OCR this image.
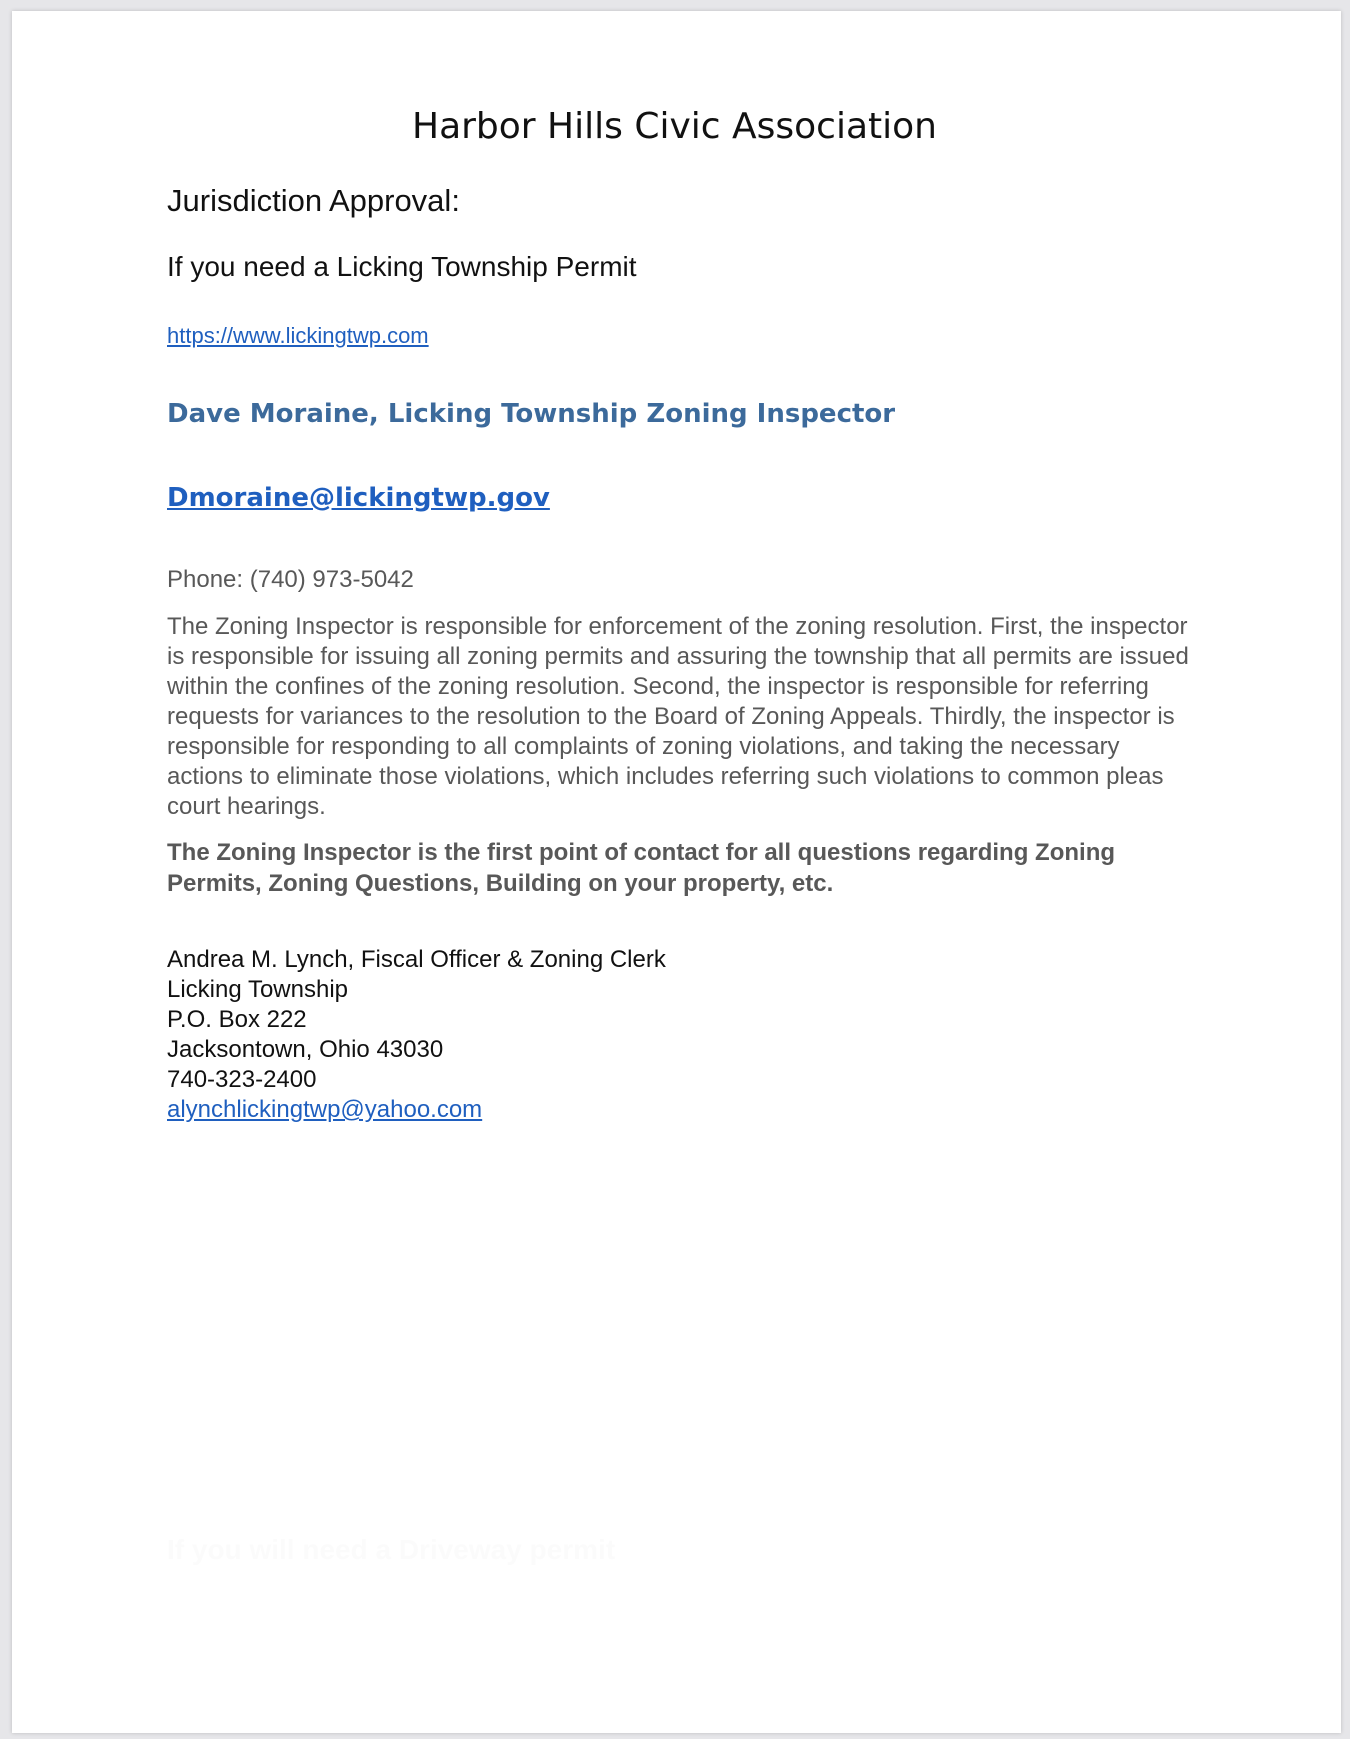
Harbor Hills Civic Association

Jurisdiction Approval:

If you need a Licking Township Permit

https://www.lickingtwp.com

Dave Moraine, Licking Township Zoning Inspector

Dmoraine@lickingtwp.gov

Phone: (740) 973-5042

The Zoning Inspector is responsible for enforcement of the zoning resolution. First, the inspector is responsible for issuing all zoning permits and assuring the township that all permits are issued within the confines of the zoning resolution. Second, the inspector is responsible for referring requests for variances to the resolution to the Board of Zoning Appeals. Thirdly, the inspector is responsible for responding to all complaints of zoning violations, and taking the necessary actions to eliminate those violations, which includes referring such violations to common pleas court hearings.

The Zoning Inspector is the first point of contact for all questions regarding Zoning Permits, Zoning Questions, Building on your property, etc.

Andrea M. Lynch, Fiscal Officer & Zoning Clerk
Licking Township
P.O. Box 222
Jacksontown, Ohio 43030
740-323-2400
alynchlickingtwp@yahoo.com

If you will need a Driveway permit
